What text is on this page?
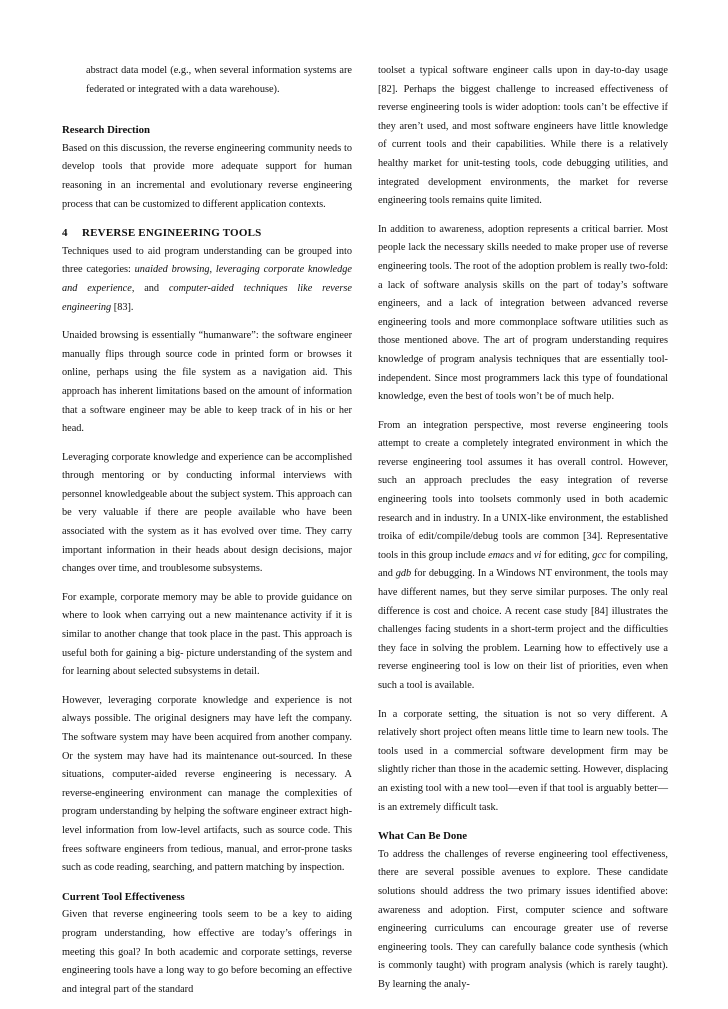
abstract data model (e.g., when several information systems are federated or integrated with a data warehouse).

Research Direction

Based on this discussion, the reverse engineering community needs to develop tools that provide more adequate support for human reasoning in an incremental and evolutionary reverse engineering process that can be customized to different application contexts.

4 REVERSE ENGINEERING TOOLS

Techniques used to aid program understanding can be grouped into three categories: unaided browsing, leveraging corporate knowledge and experience, and computer-aided techniques like reverse engineering [83].

Unaided browsing is essentially “humanware”: the software engineer manually flips through source code in printed form or browses it online, perhaps using the file system as a navigation aid. This approach has inherent limitations based on the amount of information that a software engineer may be able to keep track of in his or her head.

Leveraging corporate knowledge and experience can be accomplished through mentoring or by conducting informal interviews with personnel knowledgeable about the subject system. This approach can be very valuable if there are people available who have been associated with the system as it has evolved over time. They carry important information in their heads about design decisions, major changes over time, and troublesome subsystems.

For example, corporate memory may be able to provide guidance on where to look when carrying out a new maintenance activity if it is similar to another change that took place in the past. This approach is useful both for gaining a big- picture understanding of the system and for learning about selected subsystems in detail.

However, leveraging corporate knowledge and experience is not always possible. The original designers may have left the company. The software system may have been acquired from another company. Or the system may have had its maintenance out-sourced. In these situations, computer-aided reverse engineering is necessary. A reverse-engineering environment can manage the complexities of program understanding by helping the software engineer extract high-level information from low-level artifacts, such as source code. This frees software engineers from tedious, manual, and error-prone tasks such as code reading, searching, and pattern matching by inspection.

Current Tool Effectiveness

Given that reverse engineering tools seem to be a key to aiding program understanding, how effective are today’s offerings in meeting this goal? In both academic and corporate settings, reverse engineering tools have a long way to go before becoming an effective and integral part of the standard

toolset a typical software engineer calls upon in day-to-day usage [82]. Perhaps the biggest challenge to increased effectiveness of reverse engineering tools is wider adoption: tools can’t be effective if they aren’t used, and most software engineers have little knowledge of current tools and their capabilities. While there is a relatively healthy market for unit-testing tools, code debugging utilities, and integrated development environments, the market for reverse engineering tools remains quite limited.

In addition to awareness, adoption represents a critical barrier. Most people lack the necessary skills needed to make proper use of reverse engineering tools. The root of the adoption problem is really two-fold: a lack of software analysis skills on the part of today’s software engineers, and a lack of integration between advanced reverse engineering tools and more commonplace software utilities such as those mentioned above. The art of program understanding requires knowledge of program analysis techniques that are essentially tool-independent. Since most programmers lack this type of foundational knowledge, even the best of tools won’t be of much help.

From an integration perspective, most reverse engineering tools attempt to create a completely integrated environment in which the reverse engineering tool assumes it has overall control. However, such an approach precludes the easy integration of reverse engineering tools into toolsets commonly used in both academic research and in industry. In a UNIX-like environment, the established troika of edit/compile/debug tools are common [34]. Representative tools in this group include emacs and vi for editing, gcc for compiling, and gdb for debugging. In a Windows NT environment, the tools may have different names, but they serve similar purposes. The only real difference is cost and choice. A recent case study [84] illustrates the challenges facing students in a short-term project and the difficulties they face in solving the problem. Learning how to effectively use a reverse engineering tool is low on their list of priorities, even when such a tool is available.

In a corporate setting, the situation is not so very different. A relatively short project often means little time to learn new tools. The tools used in a commercial software development firm may be slightly richer than those in the academic setting. However, displacing an existing tool with a new tool—even if that tool is arguably better—is an extremely difficult task.

What Can Be Done

To address the challenges of reverse engineering tool effectiveness, there are several possible avenues to explore. These candidate solutions should address the two primary issues identified above: awareness and adoption. First, computer science and software engineering curriculums can encourage greater use of reverse engineering tools. They can carefully balance code synthesis (which is commonly taught) with program analysis (which is rarely taught). By learning the analy-
